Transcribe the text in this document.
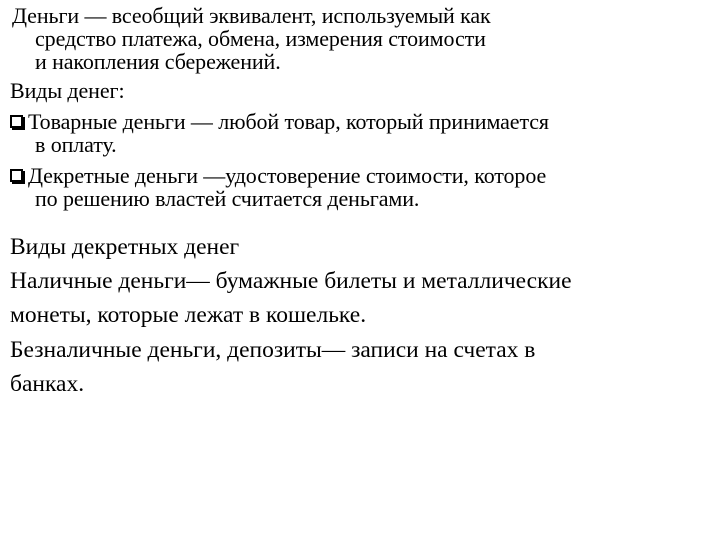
Деньги — всеобщий эквивалент, используемый как
средство платежа, обмена, измерения стоимости
и накопления сбережений.
Виды денег:
Товарные деньги — любой товар, который принимается
в оплату.
Декретные деньги —удостоверение стоимости, которое
по решению властей считается деньгами.
Виды декретных денег
Наличные деньги— бумажные билеты и металлические
монеты, которые лежат в кошельке.
Безналичные деньги, депозиты— записи на счетах в
банках.
